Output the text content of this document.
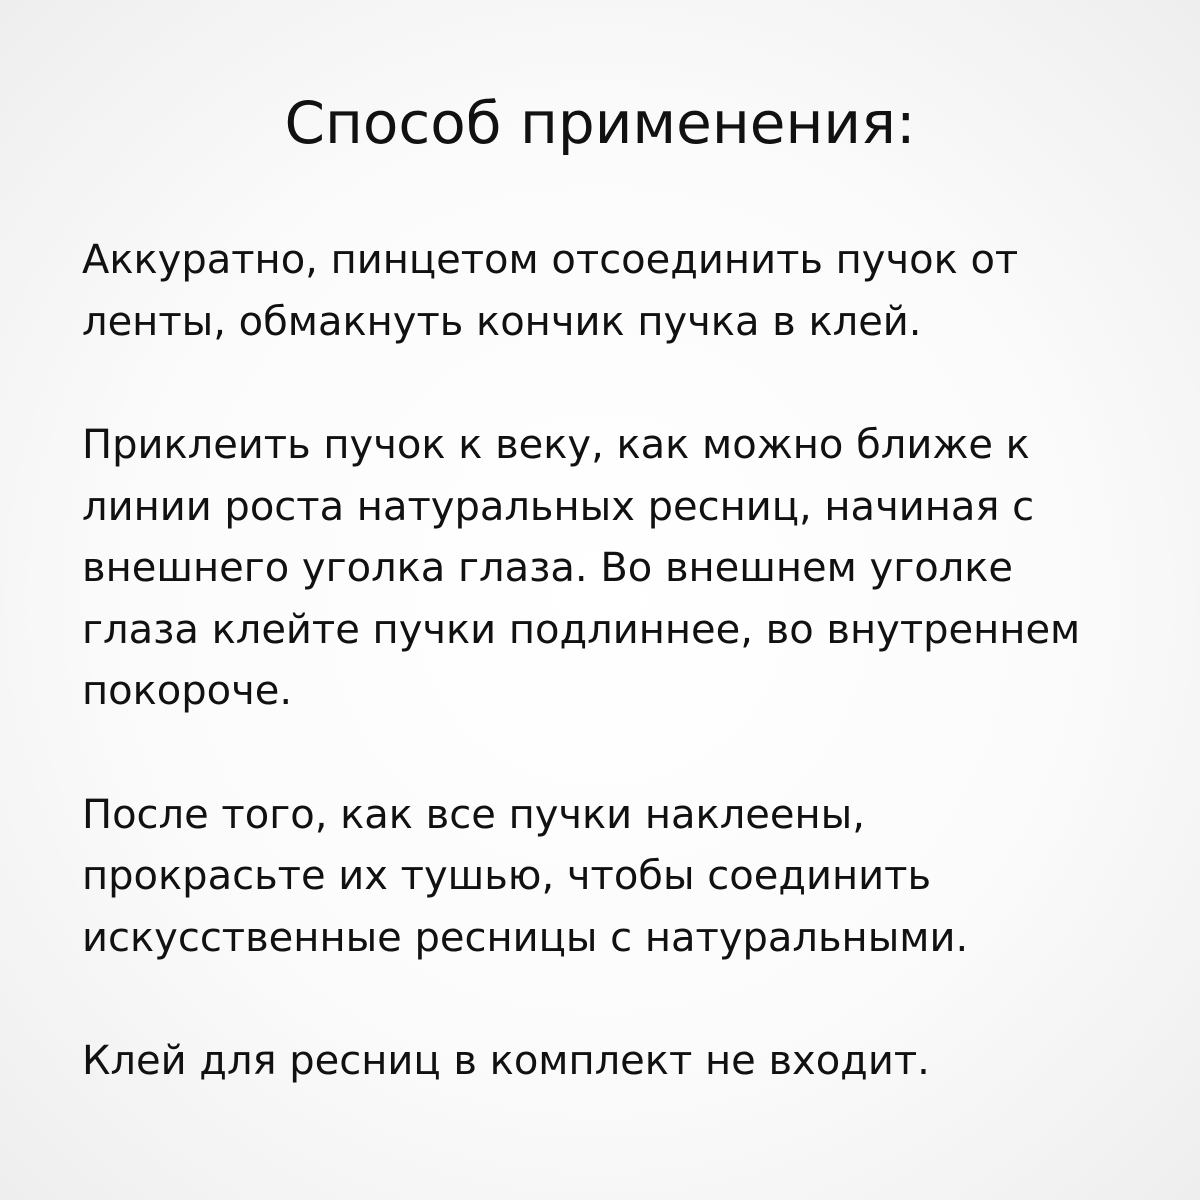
Способ применения:

Аккуратно, пинцетом отсоединить пучок от
ленты, обмакнуть кончик пучка в клей.

Приклеить пучок к веку, как можно ближе к
линии роста натуральных ресниц, начиная с
внешнего уголка глаза. Во внешнем уголке
глаза клейте пучки подлиннее, во внутреннем
покороче.

После того, как все пучки наклеены,
прокрасьте их тушью, чтобы соединить
искусственные ресницы с натуральными.

Клей для ресниц в комплект не входит.
